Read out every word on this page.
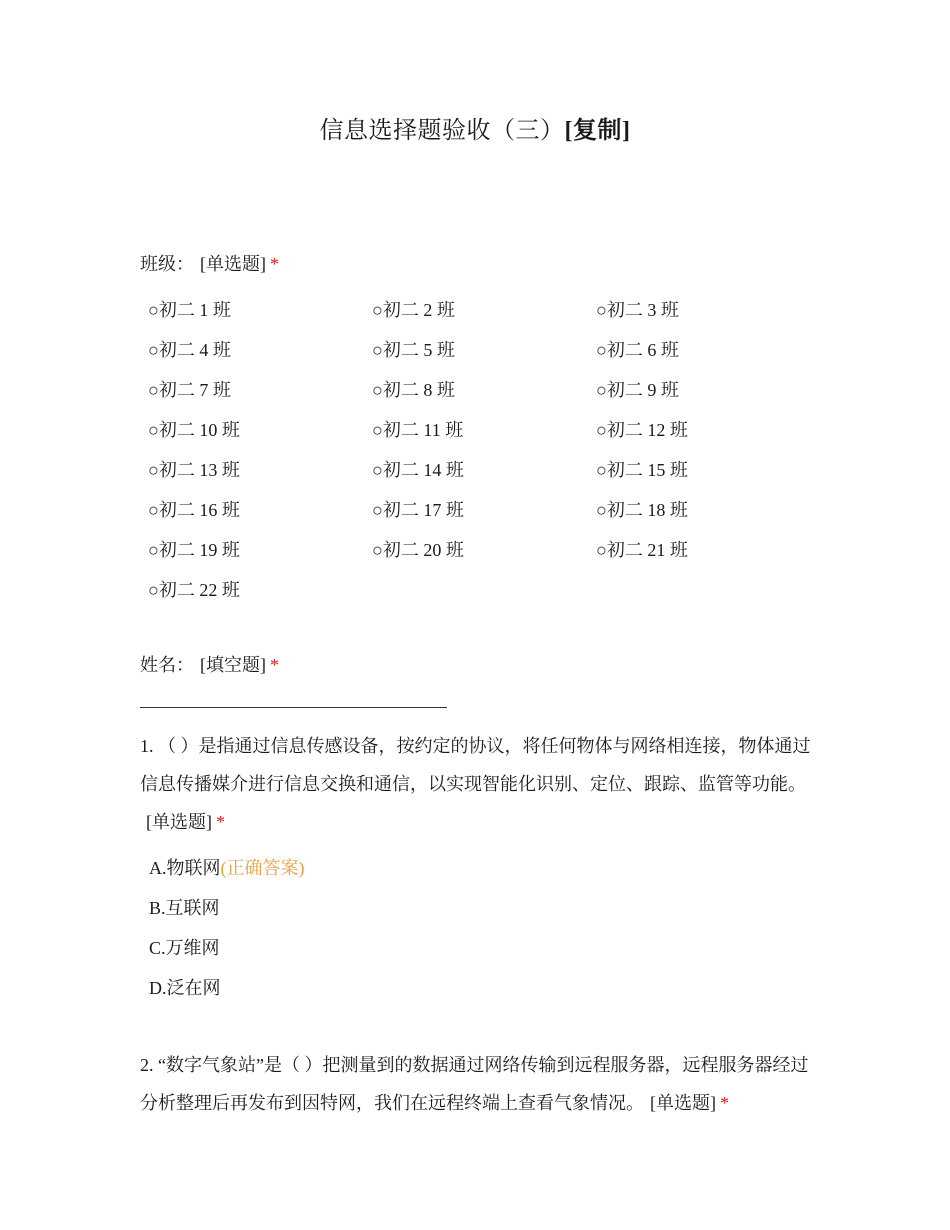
信息选择题验收（三）[复制]
班级： [单选题] *
○初二 1 班	○初二 2 班	○初二 3 班
○初二 4 班	○初二 5 班	○初二 6 班
○初二 7 班	○初二 8 班	○初二 9 班
○初二 10 班	○初二 11 班	○初二 12 班
○初二 13 班	○初二 14 班	○初二 15 班
○初二 16 班	○初二 17 班	○初二 18 班
○初二 19 班	○初二 20 班	○初二 21 班
○初二 22 班
姓名： [填空题] *
1. （ ）是指通过信息传感设备，按约定的协议，将任何物体与网络相连接，物体通过信息传播媒介进行信息交换和通信，以实现智能化识别、定位、跟踪、监管等功能。[单选题] *
A.物联网(正确答案)
B.互联网
C.万维网
D.泛在网
2. “数字气象站”是（ ）把测量到的数据通过网络传输到远程服务器，远程服务器经过分析整理后再发布到因特网，我们在远程终端上查看气象情况。 [单选题] *
